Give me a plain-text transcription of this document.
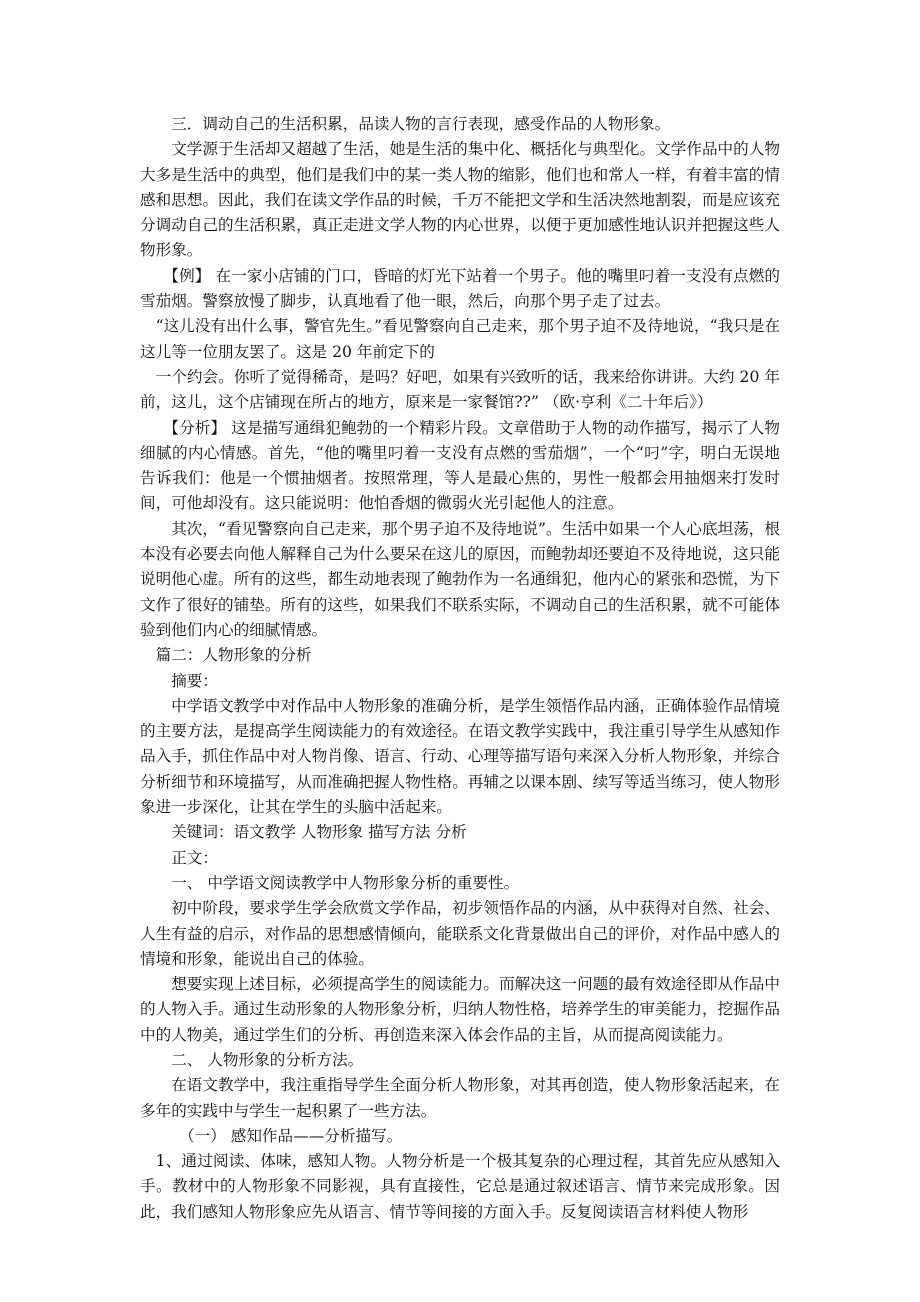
三．调动自己的生活积累，品读人物的言行表现，感受作品的人物形象。

文学源于生活却又超越了生活，她是生活的集中化、概括化与典型化。文学作品中的人物大多是生活中的典型，他们是我们中的某一类人物的缩影，他们也和常人一样，有着丰富的情感和思想。因此，我们在读文学作品的时候，千万不能把文学和生活决然地割裂，而是应该充分调动自己的生活积累，真正走进文学人物的内心世界，以便于更加感性地认识并把握这些人物形象。

【例】 在一家小店铺的门口，昏暗的灯光下站着一个男子。他的嘴里叼着一支没有点燃的雪茄烟。警察放慢了脚步，认真地看了他一眼，然后，向那个男子走了过去。

“这儿没有出什么事，警官先生。”看见警察向自己走来，那个男子迫不及待地说，“我只是在这儿等一位朋友罢了。这是 20 年前定下的

一个约会。你听了觉得稀奇，是吗？好吧，如果有兴致听的话，我来给你讲讲。大约 20 年前，这儿，这个店铺现在所占的地方，原来是一家餐馆??” （欧·亨利《二十年后》）

【分析】 这是描写通缉犯鲍勃的一个精彩片段。文章借助于人物的动作描写，揭示了人物细腻的内心情感。首先，“他的嘴里叼着一支没有点燃的雪茄烟”，一个“叼”字，明白无误地告诉我们：他是一个惯抽烟者。按照常理，等人是最心焦的，男性一般都会用抽烟来打发时间，可他却没有。这只能说明：他怕香烟的微弱火光引起他人的注意。

其次，“看见警察向自己走来，那个男子迫不及待地说”。生活中如果一个人心底坦荡，根本没有必要去向他人解释自己为什么要呆在这儿的原因，而鲍勃却还要迫不及待地说，这只能说明他心虚。所有的这些，都生动地表现了鲍勃作为一名通缉犯，他内心的紧张和恐慌，为下文作了很好的铺垫。所有的这些，如果我们不联系实际，不调动自己的生活积累，就不可能体验到他们内心的细腻情感。

篇二：人物形象的分析

摘要：

中学语文教学中对作品中人物形象的准确分析，是学生领悟作品内涵，正确体验作品情境的主要方法，是提高学生阅读能力的有效途径。在语文教学实践中，我注重引导学生从感知作品入手，抓住作品中对人物肖像、语言、行动、心理等描写语句来深入分析人物形象，并综合分析细节和环境描写，从而准确把握人物性格。再辅之以课本剧、续写等适当练习，使人物形象进一步深化，让其在学生的头脑中活起来。

关键词：语文教学 人物形象 描写方法 分析

正文：

一、 中学语文阅读教学中人物形象分析的重要性。

初中阶段，要求学生学会欣赏文学作品，初步领悟作品的内涵，从中获得对自然、社会、人生有益的启示，对作品的思想感情倾向，能联系文化背景做出自己的评价，对作品中感人的情境和形象，能说出自己的体验。

想要实现上述目标，必须提高学生的阅读能力。而解决这一问题的最有效途径即从作品中的人物入手。通过生动形象的人物形象分析，归纳人物性格，培养学生的审美能力，挖掘作品中的人物美，通过学生们的分析、再创造来深入体会作品的主旨，从而提高阅读能力。

二、 人物形象的分析方法。

在语文教学中，我注重指导学生全面分析人物形象，对其再创造，使人物形象活起来，在多年的实践中与学生一起积累了一些方法。

（一） 感知作品——分析描写。

1、通过阅读、体味，感知人物。人物分析是一个极其复杂的心理过程，其首先应从感知入手。教材中的人物形象不同影视，具有直接性，它总是通过叙述语言、情节来完成形象。因此，我们感知人物形象应先从语言、情节等间接的方面入手。反复阅读语言材料使人物形
